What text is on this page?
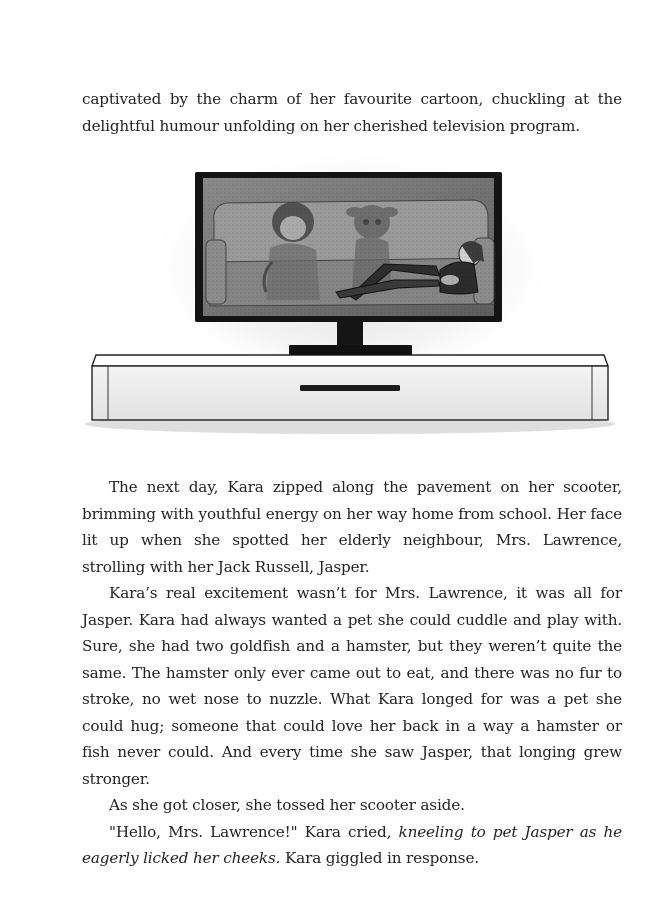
captivated by the charm of her favourite cartoon, chuckling at the delightful humour unfolding on her cherished television program.

The next day, Kara zipped along the pavement on her scooter, brimming with youthful energy on her way home from school. Her face lit up when she spotted her elderly neighbour, Mrs. Lawrence, strolling with her Jack Russell, Jasper.

Kara’s real excitement wasn’t for Mrs. Lawrence, it was all for Jasper. Kara had always wanted a pet she could cuddle and play with. Sure, she had two goldfish and a hamster, but they weren’t quite the same. The hamster only ever came out to eat, and there was no fur to stroke, no wet nose to nuzzle. What Kara longed for was a pet she could hug; someone that could love her back in a way a hamster or fish never could. And every time she saw Jasper, that longing grew stronger.
As she got closer, she tossed her scooter aside.
"Hello, Mrs. Lawrence!" Kara cried, kneeling to pet Jasper as he eagerly licked her cheeks. Kara giggled in response.
